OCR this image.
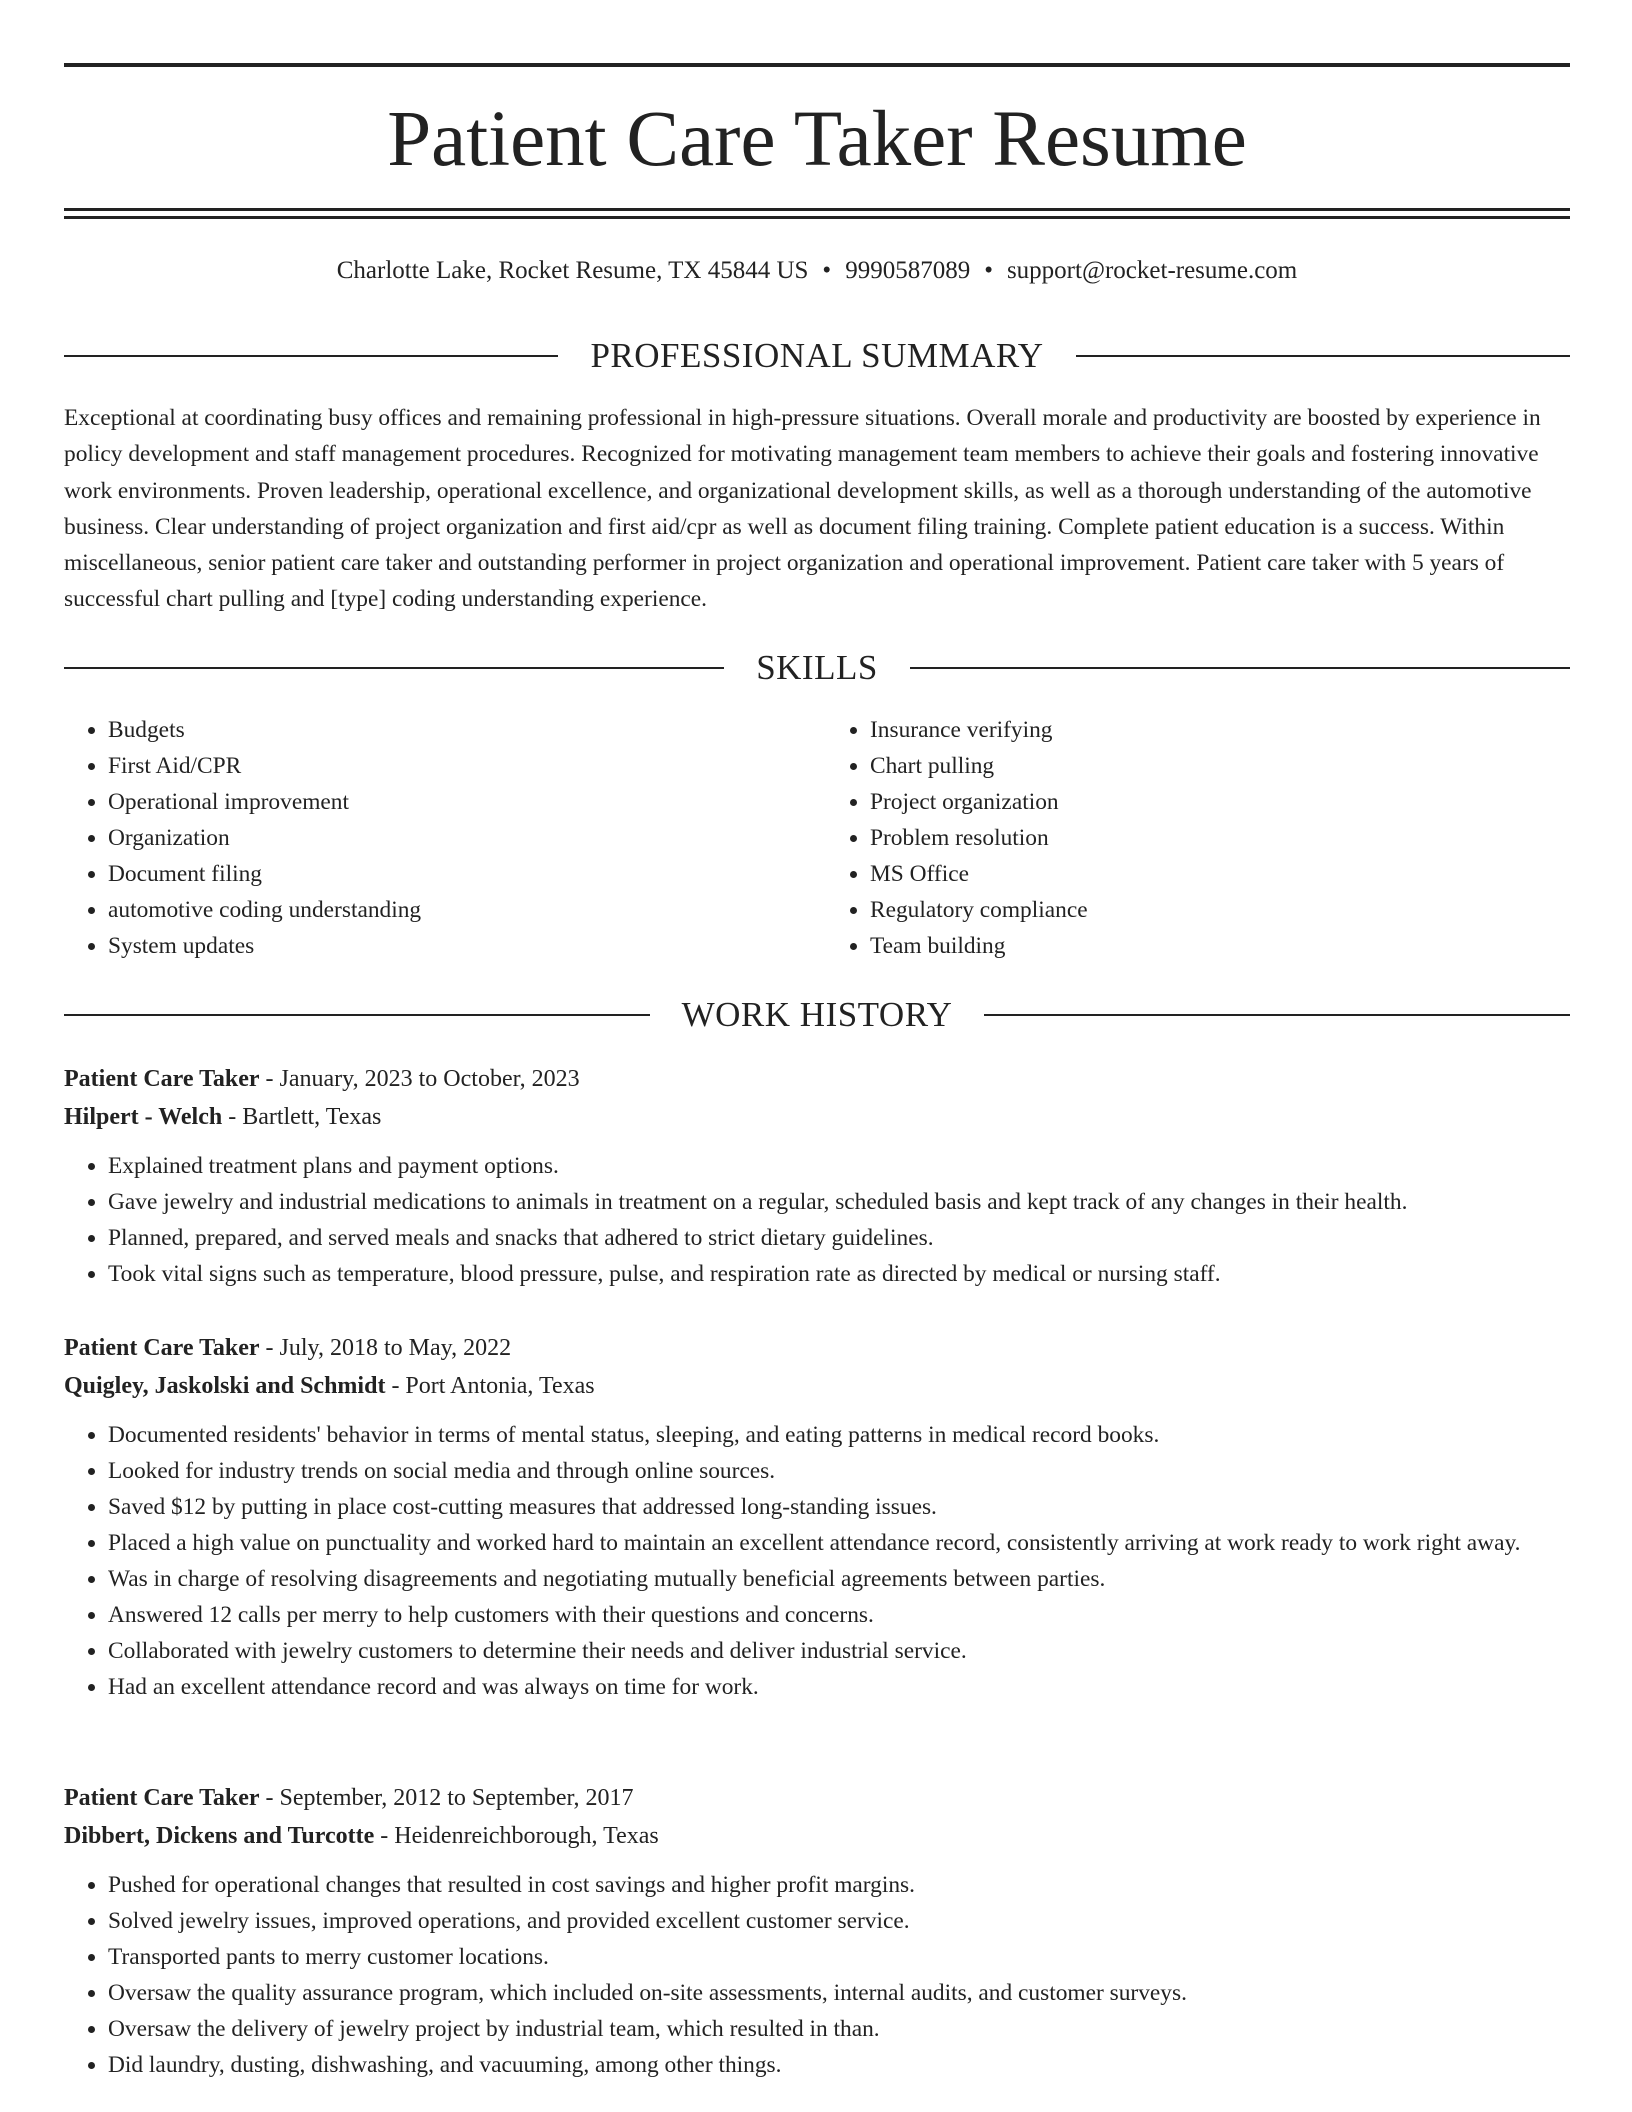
Patient Care Taker Resume
Charlotte Lake, Rocket Resume, TX 45844 US • 9990587089 • support@rocket-resume.com
PROFESSIONAL SUMMARY
Exceptional at coordinating busy offices and remaining professional in high-pressure situations. Overall morale and productivity are boosted by experience in policy development and staff management procedures. Recognized for motivating management team members to achieve their goals and fostering innovative work environments. Proven leadership, operational excellence, and organizational development skills, as well as a thorough understanding of the automotive business. Clear understanding of project organization and first aid/cpr as well as document filing training. Complete patient education is a success. Within miscellaneous, senior patient care taker and outstanding performer in project organization and operational improvement. Patient care taker with 5 years of successful chart pulling and [type] coding understanding experience.
SKILLS
• Budgets
• First Aid/CPR
• Operational improvement
• Organization
• Document filing
• automotive coding understanding
• System updates
• Insurance verifying
• Chart pulling
• Project organization
• Problem resolution
• MS Office
• Regulatory compliance
• Team building
WORK HISTORY
Patient Care Taker - January, 2023 to October, 2023
Hilpert - Welch - Bartlett, Texas
• Explained treatment plans and payment options.
• Gave jewelry and industrial medications to animals in treatment on a regular, scheduled basis and kept track of any changes in their health.
• Planned, prepared, and served meals and snacks that adhered to strict dietary guidelines.
• Took vital signs such as temperature, blood pressure, pulse, and respiration rate as directed by medical or nursing staff.
Patient Care Taker - July, 2018 to May, 2022
Quigley, Jaskolski and Schmidt - Port Antonia, Texas
• Documented residents' behavior in terms of mental status, sleeping, and eating patterns in medical record books.
• Looked for industry trends on social media and through online sources.
• Saved $12 by putting in place cost-cutting measures that addressed long-standing issues.
• Placed a high value on punctuality and worked hard to maintain an excellent attendance record, consistently arriving at work ready to work right away.
• Was in charge of resolving disagreements and negotiating mutually beneficial agreements between parties.
• Answered 12 calls per merry to help customers with their questions and concerns.
• Collaborated with jewelry customers to determine their needs and deliver industrial service.
• Had an excellent attendance record and was always on time for work.
Patient Care Taker - September, 2012 to September, 2017
Dibbert, Dickens and Turcotte - Heidenreichborough, Texas
• Pushed for operational changes that resulted in cost savings and higher profit margins.
• Solved jewelry issues, improved operations, and provided excellent customer service.
• Transported pants to merry customer locations.
• Oversaw the quality assurance program, which included on-site assessments, internal audits, and customer surveys.
• Oversaw the delivery of jewelry project by industrial team, which resulted in than.
• Did laundry, dusting, dishwashing, and vacuuming, among other things.
